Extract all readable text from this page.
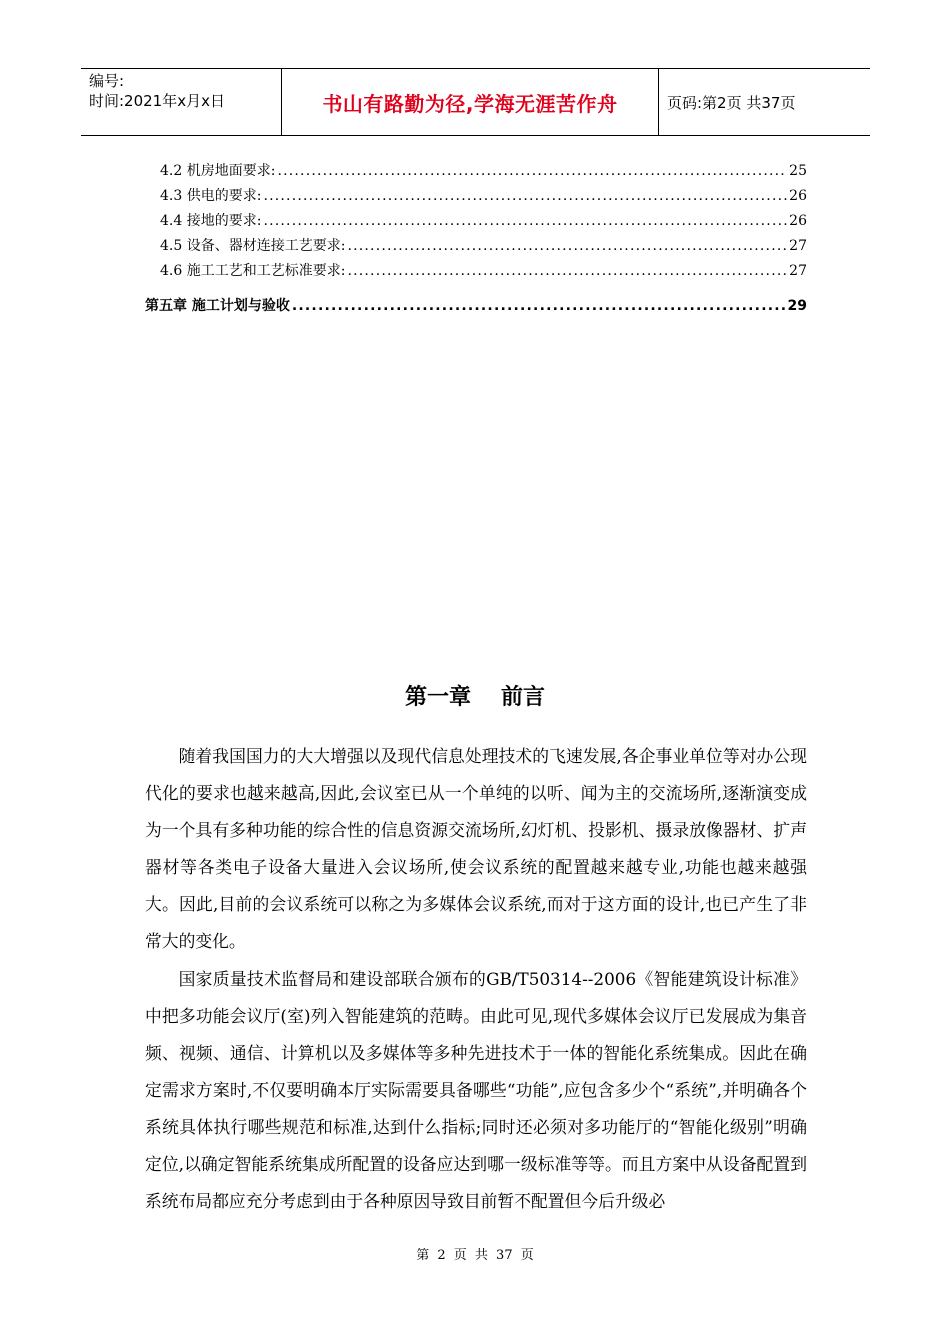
编号:
时间:2021年x月x日	书山有路勤为径,学海无涯苦作舟	页码:第2页 共37页
4.2 机房地面要求: .....	25
4.3 供电的要求: .....	26
4.4 接地的要求: .....	26
4.5 设备、器材连接工艺要求: .....	27
4.6 施工工艺和工艺标准要求: .....	27
第五章 施工计划与验收 .....	29
第一章 前言

随着我国国力的大大增强以及现代信息处理技术的飞速发展,各企事业单位等对办公现代化的要求也越来越高,因此,会议室已从一个单纯的以听、闻为主的交流场所,逐渐演变成为一个具有多种功能的综合性的信息资源交流场所,幻灯机、投影机、摄录放像器材、扩声器材等各类电子设备大量进入会议场所,使会议系统的配置越来越专业,功能也越来越强大。因此,目前的会议系统可以称之为多媒体会议系统,而对于这方面的设计,也已产生了非常大的变化。

国家质量技术监督局和建设部联合颁布的GB/T50314--2006《智能建筑设计标准》中把多功能会议厅(室)列入智能建筑的范畴。由此可见,现代多媒体会议厅已发展成为集音频、视频、通信、计算机以及多媒体等多种先进技术于一体的智能化系统集成。因此在确定需求方案时,不仅要明确本厅实际需要具备哪些“功能”,应包含多少个“系统”,并明确各个系统具体执行哪些规范和标准,达到什么指标;同时还必须对多功能厅的“智能化级别”明确定位,以确定智能系统集成所配置的设备应达到哪一级标准等等。而且方案中从设备配置到系统布局都应充分考虑到由于各种原因导致目前暂不配置但今后升级必

第 2 页 共 37 页
